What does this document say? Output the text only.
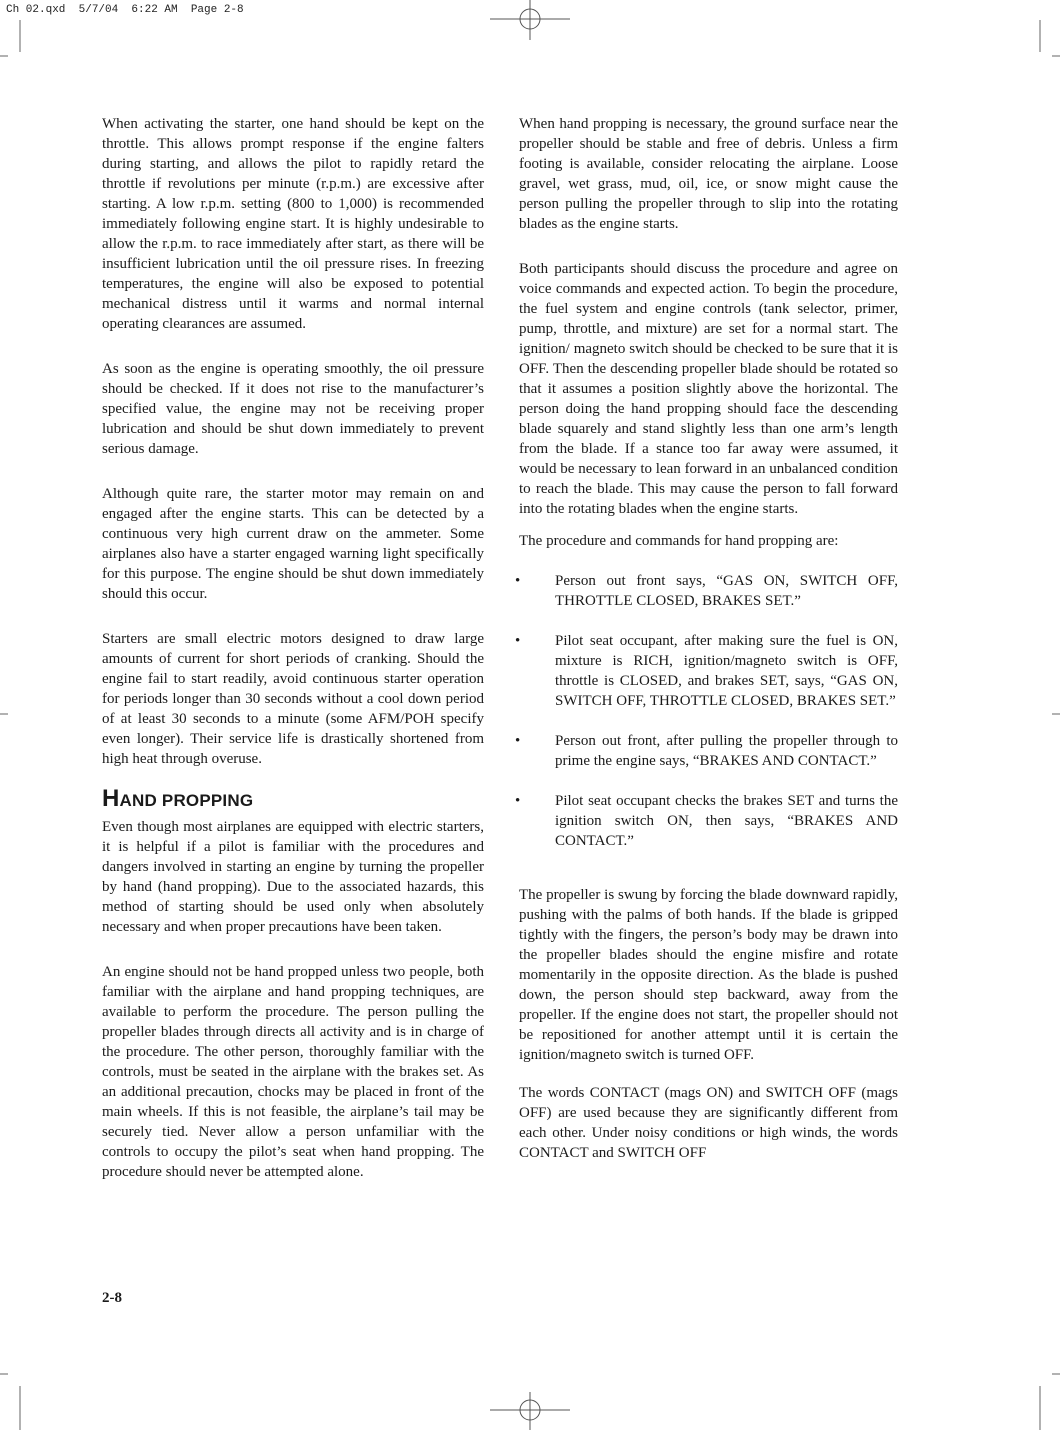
Ch 02.qxd  5/7/04  6:22 AM  Page 2-8

When activating the starter, one hand should be kept on the throttle. This allows prompt response if the engine falters during starting, and allows the pilot to rapidly retard the throttle if revolutions per minute (r.p.m.) are excessive after starting. A low r.p.m. setting (800 to 1,000) is recommended immediately following engine start. It is highly undesirable to allow the r.p.m. to race immediately after start, as there will be insufficient lubrication until the oil pressure rises. In freezing temperatures, the engine will also be exposed to potential mechanical distress until it warms and normal internal operating clearances are assumed.

As soon as the engine is operating smoothly, the oil pressure should be checked. If it does not rise to the manufacturer’s specified value, the engine may not be receiving proper lubrication and should be shut down immediately to prevent serious damage.

Although quite rare, the starter motor may remain on and engaged after the engine starts. This can be detected by a continuous very high current draw on the ammeter. Some airplanes also have a starter engaged warning light specifically for this purpose. The engine should be shut down immediately should this occur.

Starters are small electric motors designed to draw large amounts of current for short periods of cranking. Should the engine fail to start readily, avoid continuous starter operation for periods longer than 30 seconds without a cool down period of at least 30 seconds to a minute (some AFM/POH specify even longer). Their service life is drastically shortened from high heat through overuse.

HAND PROPPING

Even though most airplanes are equipped with electric starters, it is helpful if a pilot is familiar with the procedures and dangers involved in starting an engine by turning the propeller by hand (hand propping). Due to the associated hazards, this method of starting should be used only when absolutely necessary and when proper precautions have been taken.

An engine should not be hand propped unless two people, both familiar with the airplane and hand propping techniques, are available to perform the procedure. The person pulling the propeller blades through directs all activity and is in charge of the procedure. The other person, thoroughly familiar with the controls, must be seated in the airplane with the brakes set. As an additional precaution, chocks may be placed in front of the main wheels. If this is not feasible, the airplane’s tail may be securely tied. Never allow a person unfamiliar with the controls to occupy the pilot’s seat when hand propping. The procedure should never be attempted alone.

When hand propping is necessary, the ground surface near the propeller should be stable and free of debris. Unless a firm footing is available, consider relocating the airplane. Loose gravel, wet grass, mud, oil, ice, or snow might cause the person pulling the propeller through to slip into the rotating blades as the engine starts.

Both participants should discuss the procedure and agree on voice commands and expected action. To begin the procedure, the fuel system and engine controls (tank selector, primer, pump, throttle, and mixture) are set for a normal start. The ignition/ magneto switch should be checked to be sure that it is OFF. Then the descending propeller blade should be rotated so that it assumes a position slightly above the horizontal. The person doing the hand propping should face the descending blade squarely and stand slightly less than one arm’s length from the blade. If a stance too far away were assumed, it would be necessary to lean forward in an unbalanced condition to reach the blade. This may cause the person to fall forward into the rotating blades when the engine starts.

The procedure and commands for hand propping are:

• Person out front says, “GAS ON, SWITCH OFF, THROTTLE CLOSED, BRAKES SET.”
• Pilot seat occupant, after making sure the fuel is ON, mixture is RICH, ignition/magneto switch is OFF, throttle is CLOSED, and brakes SET, says, “GAS ON, SWITCH OFF, THROTTLE CLOSED, BRAKES SET.”
• Person out front, after pulling the propeller through to prime the engine says, “BRAKES AND CONTACT.”
• Pilot seat occupant checks the brakes SET and turns the ignition switch ON, then says, “BRAKES AND CONTACT.”

The propeller is swung by forcing the blade downward rapidly, pushing with the palms of both hands. If the blade is gripped tightly with the fingers, the person’s body may be drawn into the propeller blades should the engine misfire and rotate momentarily in the opposite direction. As the blade is pushed down, the person should step backward, away from the propeller. If the engine does not start, the propeller should not be repositioned for another attempt until it is certain the ignition/magneto switch is turned OFF.

The words CONTACT (mags ON) and SWITCH OFF (mags OFF) are used because they are significantly different from each other. Under noisy conditions or high winds, the words CONTACT and SWITCH OFF

2-8
